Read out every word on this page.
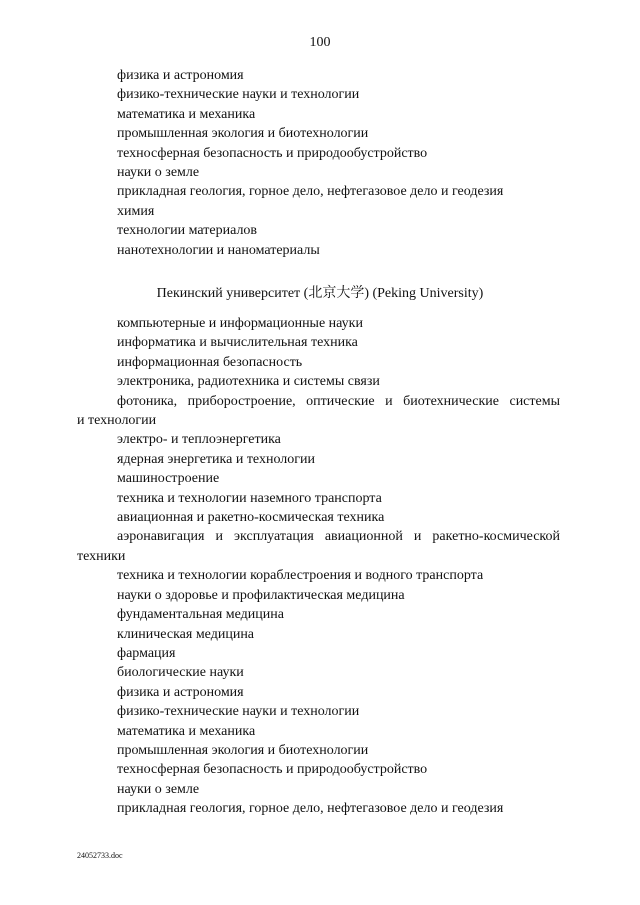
100
физика и астрономия
физико-технические науки и технологии
математика и механика
промышленная экология и биотехнологии
техносферная безопасность и природообустройство
науки о земле
прикладная геология, горное дело, нефтегазовое дело и геодезия
химия
технологии материалов
нанотехнологии и наноматериалы
Пекинский университет (北京大学) (Peking University)
компьютерные и информационные науки
информатика и вычислительная техника
информационная безопасность
электроника, радиотехника и системы связи
фотоника, приборостроение, оптические и биотехнические системы
и технологии
электро- и теплоэнергетика
ядерная энергетика и технологии
машиностроение
техника и технологии наземного транспорта
авиационная и ракетно-космическая техника
аэронавигация и эксплуатация авиационной и ракетно-космической
техники
техника и технологии кораблестроения и водного транспорта
науки о здоровье и профилактическая медицина
фундаментальная медицина
клиническая медицина
фармация
биологические науки
физика и астрономия
физико-технические науки и технологии
математика и механика
промышленная экология и биотехнологии
техносферная безопасность и природообустройство
науки о земле
прикладная геология, горное дело, нефтегазовое дело и геодезия
24052733.doc
